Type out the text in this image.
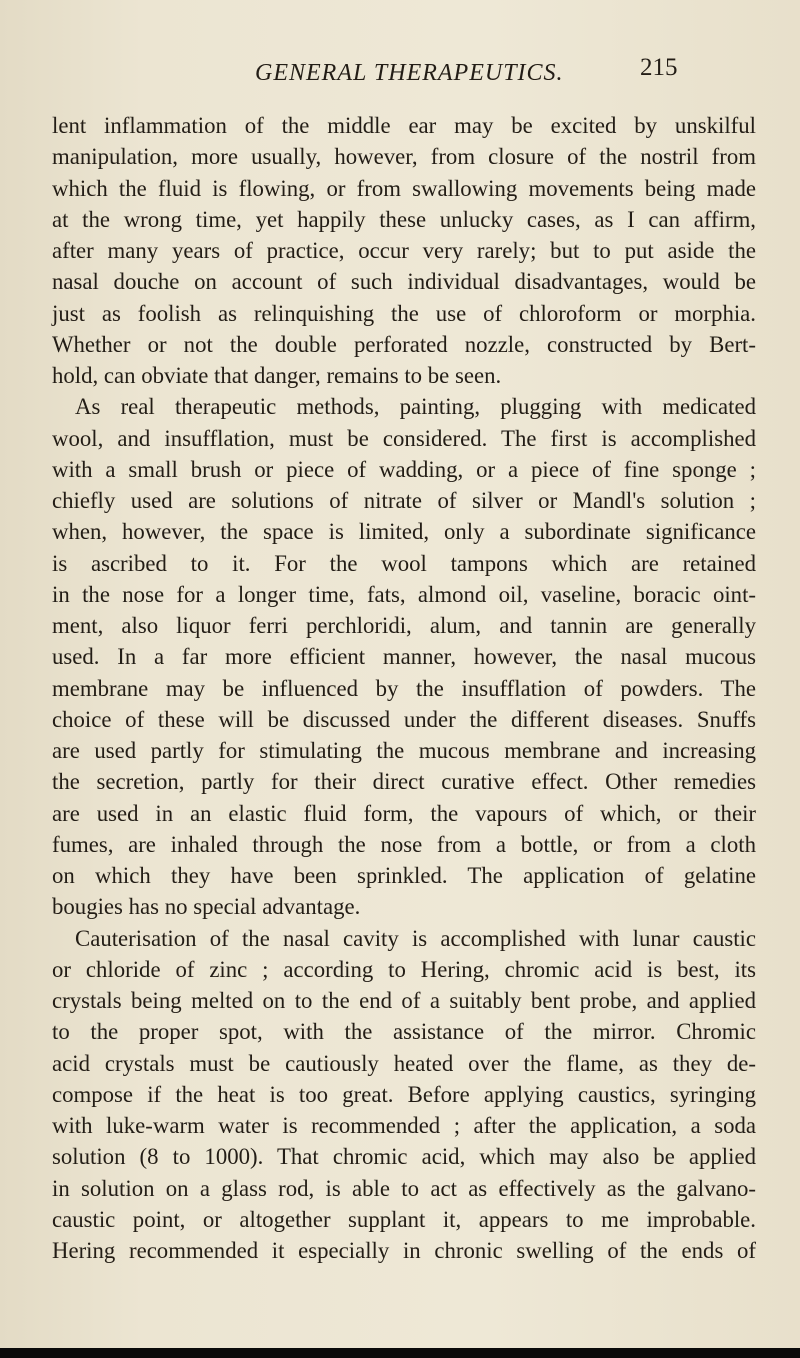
GENERAL THERAPEUTICS.	215
lent inflammation of the middle ear may be excited by unskilful
manipulation, more usually, however, from closure of the nostril from
which the fluid is flowing, or from swallowing movements being made
at the wrong time, yet happily these unlucky cases, as I can affirm,
after many years of practice, occur very rarely; but to put aside the
nasal douche on account of such individual disadvantages, would be
just as foolish as relinquishing the use of chloroform or morphia.
Whether or not the double perforated nozzle, constructed by Bert-
hold, can obviate that danger, remains to be seen.
As real therapeutic methods, painting, plugging with medicated
wool, and insufflation, must be considered. The first is accomplished
with a small brush or piece of wadding, or a piece of fine sponge ;
chiefly used are solutions of nitrate of silver or Mandl's solution ;
when, however, the space is limited, only a subordinate significance
is ascribed to it. For the wool tampons which are retained
in the nose for a longer time, fats, almond oil, vaseline, boracic oint-
ment, also liquor ferri perchloridi, alum, and tannin are generally
used. In a far more efficient manner, however, the nasal mucous
membrane may be influenced by the insufflation of powders. The
choice of these will be discussed under the different diseases. Snuffs
are used partly for stimulating the mucous membrane and increasing
the secretion, partly for their direct curative effect. Other remedies
are used in an elastic fluid form, the vapours of which, or their
fumes, are inhaled through the nose from a bottle, or from a cloth
on which they have been sprinkled. The application of gelatine
bougies has no special advantage.
Cauterisation of the nasal cavity is accomplished with lunar caustic
or chloride of zinc ; according to Hering, chromic acid is best, its
crystals being melted on to the end of a suitably bent probe, and applied
to the proper spot, with the assistance of the mirror. Chromic
acid crystals must be cautiously heated over the flame, as they de-
compose if the heat is too great. Before applying caustics, syringing
with luke-warm water is recommended ; after the application, a soda
solution (8 to 1000). That chromic acid, which may also be applied
in solution on a glass rod, is able to act as effectively as the galvano-
caustic point, or altogether supplant it, appears to me improbable.
Hering recommended it especially in chronic swelling of the ends of
